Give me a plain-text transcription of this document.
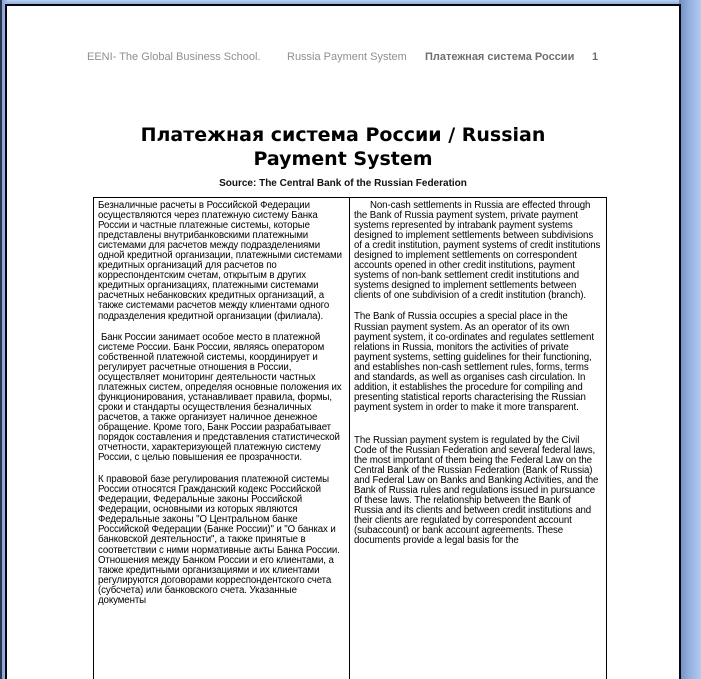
EENI- The Global Business School. Russia Payment System Платежная система России 1
Платежная система России / Russian Payment System
Source: The Central Bank of the Russian Federation

Безналичные расчеты в Российской Федерации осуществляются через платежную систему Банка России и частные платежные системы, которые представлены внутрибанковскими платежными системами для расчетов между подразделениями одной кредитной организации, платежными системами кредитных организаций для расчетов по корреспондентским счетам, открытым в других кредитных организациях, платежными системами расчетных небанковских кредитных организаций, а также системами расчетов между клиентами одного подразделения кредитной организации (филиала).

Банк России занимает особое место в платежной системе России. Банк России, являясь оператором собственной платежной системы, координирует и регулирует расчетные отношения в России, осуществляет мониторинг деятельности частных платежных систем, определяя основные положения их функционирования, устанавливает правила, формы, сроки и стандарты осуществления безналичных расчетов, а также организует наличное денежное обращение. Кроме того, Банк России разрабатывает порядок составления и представления статистической отчетности, характеризующей платежную систему России, с целью повышения ее прозрачности.

К правовой базе регулирования платежной системы России относятся Гражданский кодекс Российской Федерации, Федеральные законы Российской Федерации, основными из которых являются Федеральные законы "О Центральном банке Российской Федерации (Банке России)" и "О банках и банковской деятельности", а также принятые в соответствии с ними нормативные акты Банка России. Отношения между Банком России и его клиентами, а также кредитными организациями и их клиентами регулируются договорами корреспондентского счета (субсчета) или банковского счета. Указанные документы

Non-cash settlements in Russia are effected through the Bank of Russia payment system, private payment systems represented by intrabank payment systems designed to implement settlements between subdivisions of a credit institution, payment systems of credit institutions designed to implement settlements on correspondent accounts opened in other credit institutions, payment systems of non-bank settlement credit institutions and systems designed to implement settlements between clients of one subdivision of a credit institution (branch).

The Bank of Russia occupies a special place in the Russian payment system. As an operator of its own payment system, it co-ordinates and regulates settlement relations in Russia, monitors the activities of private payment systems, setting guidelines for their functioning, and establishes non-cash settlement rules, forms, terms and standards, as well as organises cash circulation. In addition, it establishes the procedure for compiling and presenting statistical reports characterising the Russian payment system in order to make it more transparent.

The Russian payment system is regulated by the Civil Code of the Russian Federation and several federal laws, the most important of them being the Federal Law on the Central Bank of the Russian Federation (Bank of Russia) and Federal Law on Banks and Banking Activities, and the Bank of Russia rules and regulations issued in pursuance of these laws. The relationship between the Bank of Russia and its clients and between credit institutions and their clients are regulated by correspondent account (subaccount) or bank account agreements. These documents provide a legal basis for the
